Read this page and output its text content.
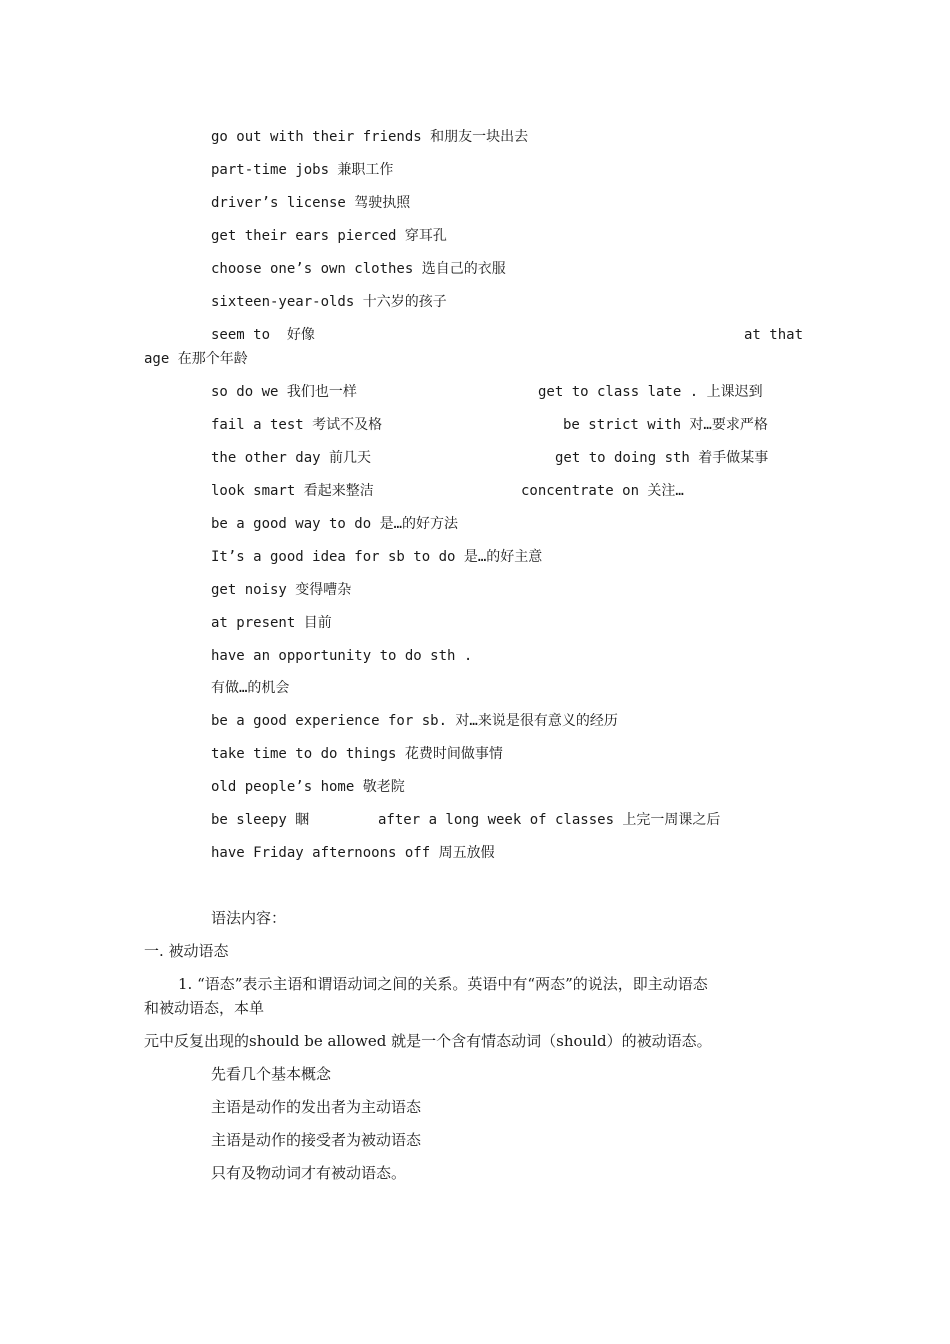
go out with their friends 和朋友一块出去
part-time jobs 兼职工作
driver’s license 驾驶执照
get their ears pierced 穿耳孔
choose one’s own clothes 选自己的衣服
sixteen-year-olds 十六岁的孩子
seem to  好像	at that
age 在那个年龄
so do we 我们也一样	get to class late . 上课迟到
fail a test 考试不及格	be strict with 对…要求严格
the other day 前几天	get to doing sth 着手做某事
look smart 看起来整洁	concentrate on 关注…
be a good way to do 是…的好方法
It’s a good idea for sb to do 是…的好主意
get noisy 变得嘈杂
at present 目前
have an opportunity to do sth .
有做…的机会
be a good experience for sb. 对…来说是很有意义的经历
take time to do things 花费时间做事情
old people’s home 敬老院
be sleepy 睏	after a long week of classes 上完一周课之后
have Friday afternoons off 周五放假
语法内容：
一. 被动语态
1. “语态”表示主语和谓语动词之间的关系。英语中有“两态”的说法，即主动语态
和被动语态，本单
元中反复出现的should be allowed 就是一个含有情态动词（should）的被动语态。
先看几个基本概念
主语是动作的发出者为主动语态
主语是动作的接受者为被动语态
只有及物动词才有被动语态。
